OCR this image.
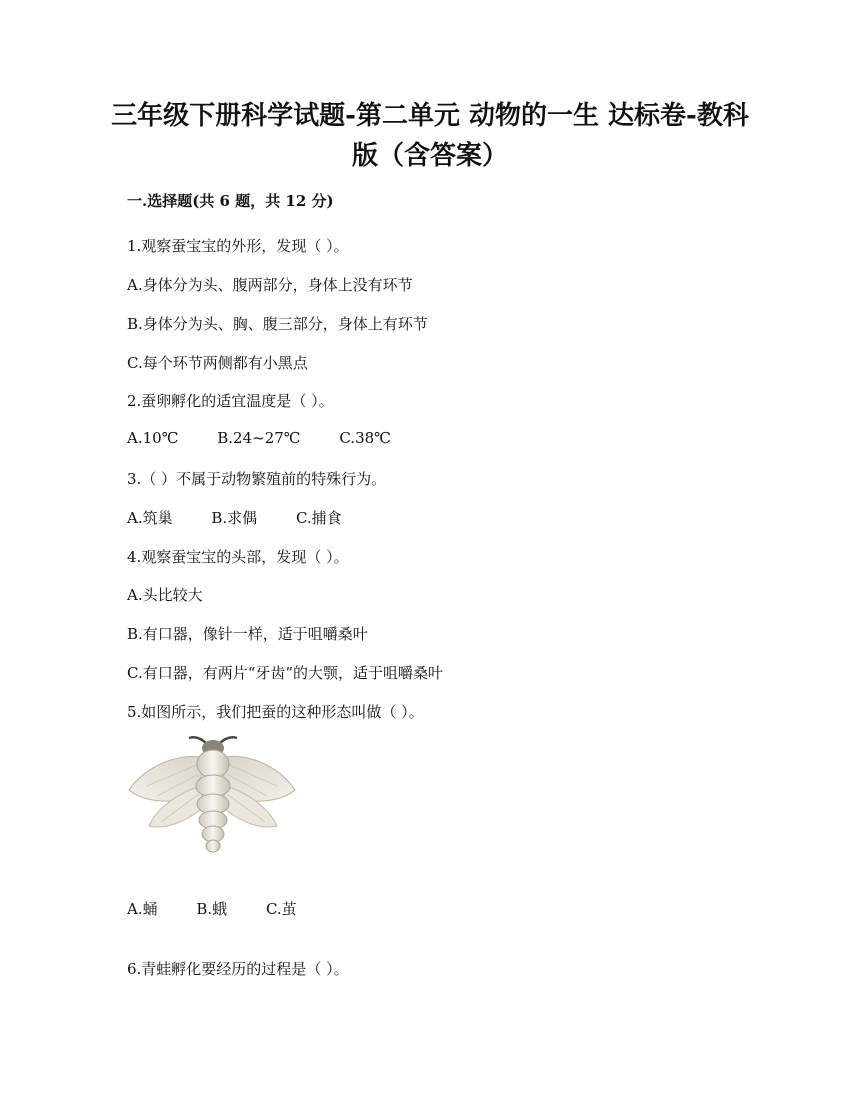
三年级下册科学试题-第二单元 动物的一生 达标卷-教科版（含答案）
一.选择题(共 6 题，共 12 分)
1.观察蚕宝宝的外形，发现（ ）。
A.身体分为头、腹两部分，身体上没有环节
B.身体分为头、胸、腹三部分，身体上有环节
C.每个环节两侧都有小黑点
2.蚕卵孵化的适宜温度是（ ）。
A.10℃	B.24~27℃	C.38℃
3.（ ）不属于动物繁殖前的特殊行为。
A.筑巢	B.求偶	C.捕食
4.观察蚕宝宝的头部，发现（ ）。
A.头比较大
B.有口器，像针一样，适于咀嚼桑叶
C.有口器，有两片“牙齿”的大颚，适于咀嚼桑叶
5.如图所示，我们把蚕的这种形态叫做（ ）。
A.蛹	B.蛾	C.茧
6.青蛙孵化要经历的过程是（ ）。
